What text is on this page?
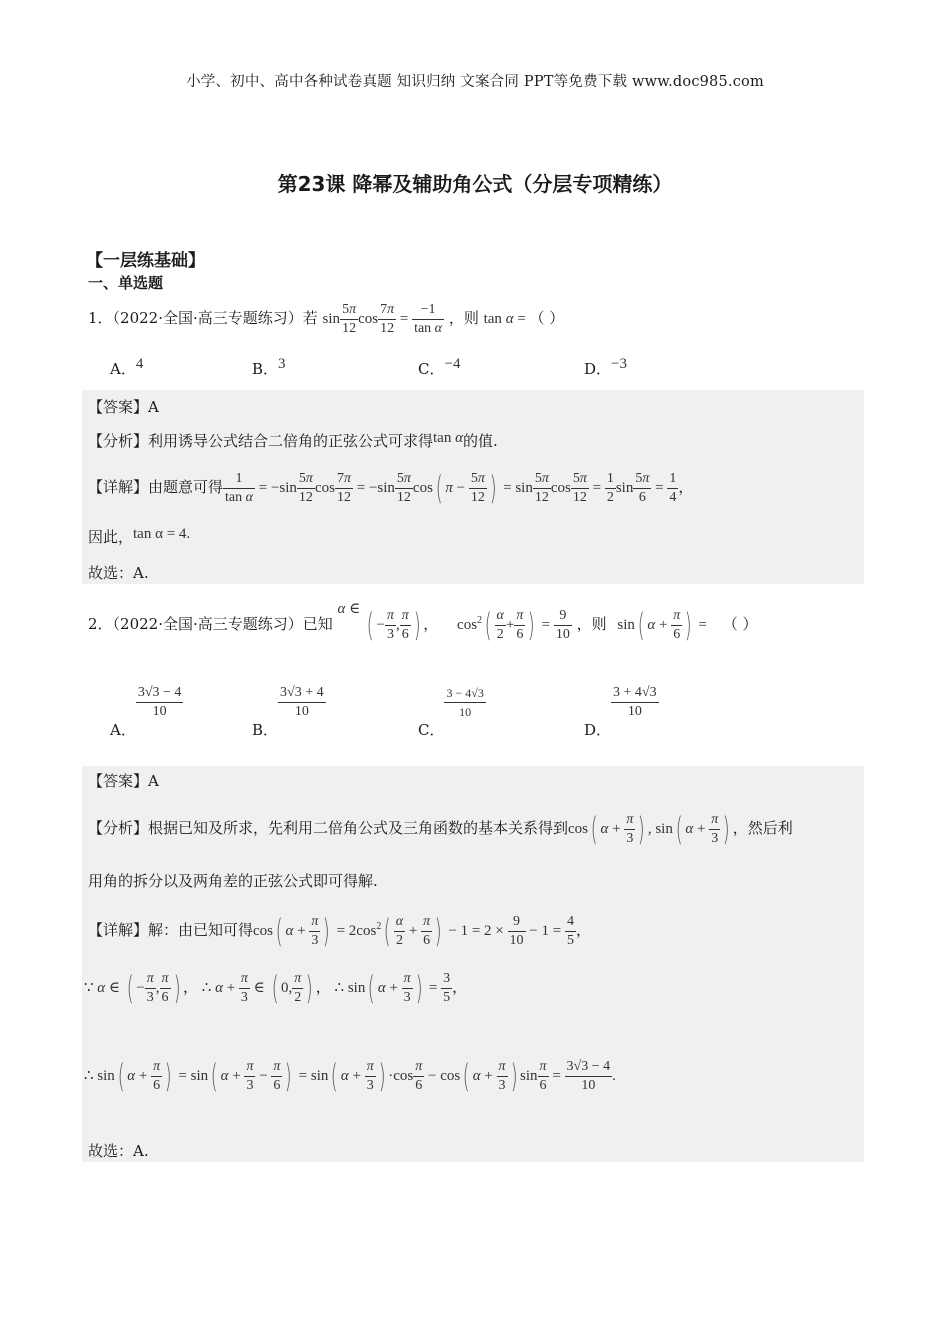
小学、初中、高中各种试卷真题 知识归纳 文案合同 PPT等免费下载 www.doc985.com
第23课 降幂及辅助角公式（分层专项精练）
【一层练基础】
一、单选题
1．（2022·全国·高三专题练习）若 $\sin \frac{5\pi}{12}$ $\cos \frac{7\pi}{12} = \frac{-1}{\text{tan α}}$ ，则 tan α = （ ）
A．4	B．3	C．−4	D．−3
【答案】A
【分析】利用诱导公式结合二倍角的正弦公式可求得tan α的值.
【详解】由题意可得 $\frac{1}{\text{tan α}} = -\sin \frac{5\pi}{12}$ $\cos \frac{7\pi}{12} = -\sin \frac{5\pi}{12} \cos$( $\pi - \frac{5\pi}{12}$ ) = $\sin \frac{5\pi}{12}$ $\cos \frac{5\pi}{12} = \frac{1}{2}$ $\sin \frac{5\pi}{6} = \frac{1}{4}$ ，
因此，tan α = 4.
故选：A.
2．（2022·全国·高三专题练习）已知 α ∈ ( − $\frac{\pi}{3}$ , $\frac{\pi}{6}$ ) ， $\cos^2( \frac{\alpha}{2} + \frac{\pi}{6}$ ) = $\frac{9}{10}$ ，则 sin( $\alpha + \frac{\pi}{6}$ ) = （ ）
A．
$\frac{3√3 - 4}{10}$
B．
$\frac{3√3 + 4}{10}$
C．
$\frac{3 - 4√3}{10}$
D．
$\frac{3 + 4√3}{10}$
【答案】A
【分析】根据已知及所求，先利用二倍角公式及三角函数的基本关系得到cos( $\alpha + \frac{\pi}{3}$ ) , sin( $\alpha + \frac{\pi}{3}$ ) ，然后利
用角的拆分以及两角差的正弦公式即可得解.
【详解】解：由已知可得cos( $\alpha + \frac{\pi}{3}$ ) = $2\cos^2( \frac{\alpha}{2} + \frac{\pi}{6}$ ) − $1 = 2 \times \frac{9}{10} - 1 = \frac{4}{5}$ ，
∵ α ∈ ( − $\frac{\pi}{3}$ , $\frac{\pi}{6}$ ) ， ∴ $\alpha + \frac{\pi}{3}$ ∈ ( 0, $\frac{\pi}{2}$ ) ， ∴ sin( $\alpha + \frac{\pi}{3}$ ) = $\frac{3}{5}$ ，
∴ sin( $\alpha + \frac{\pi}{6}$ ) = sin( $\alpha + \frac{\pi}{3} - \frac{\pi}{6}$ ) = sin( $\alpha + \frac{\pi}{3}$ ) $\cdot\cos \frac{\pi}{6} - \cos$( $\alpha + \frac{\pi}{3}$ ) $\sin \frac{\pi}{6} = \frac{3√3 - 4}{10}$ .
故选：A.
